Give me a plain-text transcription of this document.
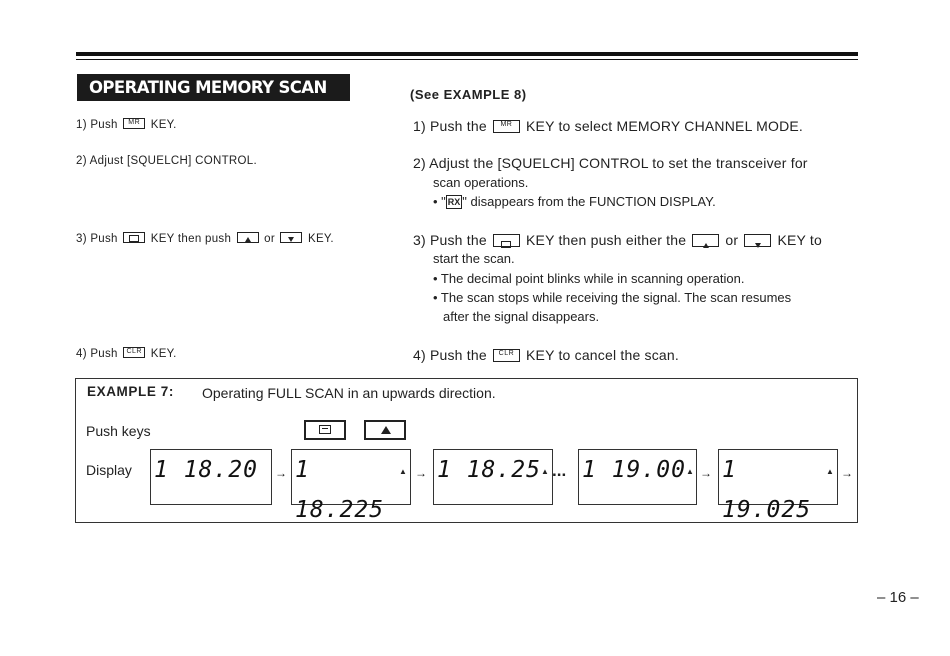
OPERATING MEMORY SCAN	(See EXAMPLE 8)
1) Push	MR KEY.
2) Adjust [SQUELCH] CONTROL.
3) Push	KEY then push	or	KEY.
4) Push	CLR KEY.
1) Push the	MR KEY to select MEMORY CHANNEL MODE.
2) Adjust the [SQUELCH] CONTROL to set the transceiver for
scan operations.
• " RX " disappears from the FUNCTION DISPLAY.
3) Push the	KEY then push either the	or	KEY to
start the scan.
• The decimal point blinks while in scanning operation.
• The scan stops while receiving the signal. The scan resumes
after the signal disappears.
4) Push the	CLR KEY to cancel the scan.
EXAMPLE 7: Operating FULL SCAN in an upwards direction.
Push keys
Display 1 18.20	→ 1 18.225
▲ → 1 18.25 ▲ ... 1 19.00 ▲ → 1 19.025
▲ →
– 16 –
